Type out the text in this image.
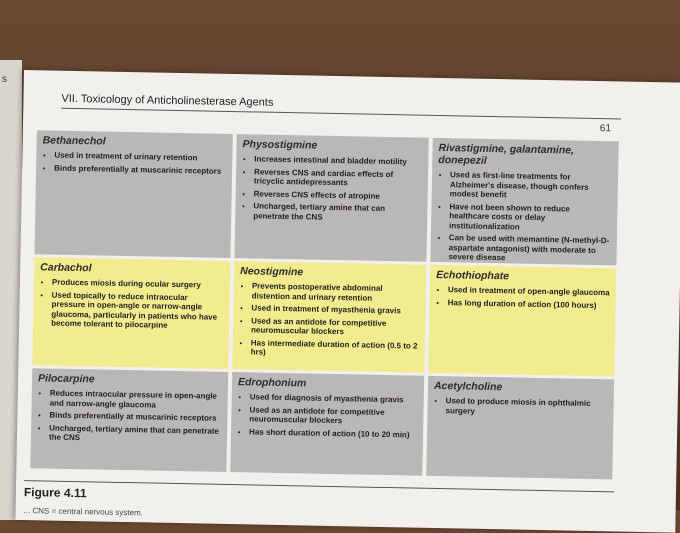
s
VII. Toxicology of Anticholinesterase Agents
61
Bethanechol
• Used in treatment of urinary retention
• Binds preferentially at muscarinic receptors
Physostigmine
• Increases intestinal and bladder motility
• Reverses CNS and cardiac effects of tricyclic antidepressants
• Reverses CNS effects of atropine
• Uncharged, tertiary amine that can penetrate the CNS
Rivastigmine, galantamine, donepezil
• Used as first-line treatments for Alzheimer's disease, though confers modest benefit
• Have not been shown to reduce healthcare costs or delay institutionalization
• Can be used with memantine (N-methyl-D-aspartate antagonist) with moderate to severe disease
Carbachol
• Produces miosis during ocular surgery
• Used topically to reduce intraocular pressure in open-angle or narrow-angle glaucoma, particularly in patients who have become tolerant to pilocarpine
Neostigmine
• Prevents postoperative abdominal distention and urinary retention
• Used in treatment of myasthenia gravis
• Used as an antidote for competitive neuromuscular blockers
• Has intermediate duration of action (0.5 to 2 hrs)
Echothiophate
• Used in treatment of open-angle glaucoma
• Has long duration of action (100 hours)
Pilocarpine
• Reduces intraocular pressure in open-angle and narrow-angle glaucoma
• Binds preferentially at muscarinic receptors
• Uncharged, tertiary amine that can penetrate the CNS
Edrophonium
• Used for diagnosis of myasthenia gravis
• Used as an antidote for competitive neuromuscular blockers
• Has short duration of action (10 to 20 min)
Acetylcholine
• Used to produce miosis in ophthalmic surgery
Figure 4.11
... CNS = central nervous system.
